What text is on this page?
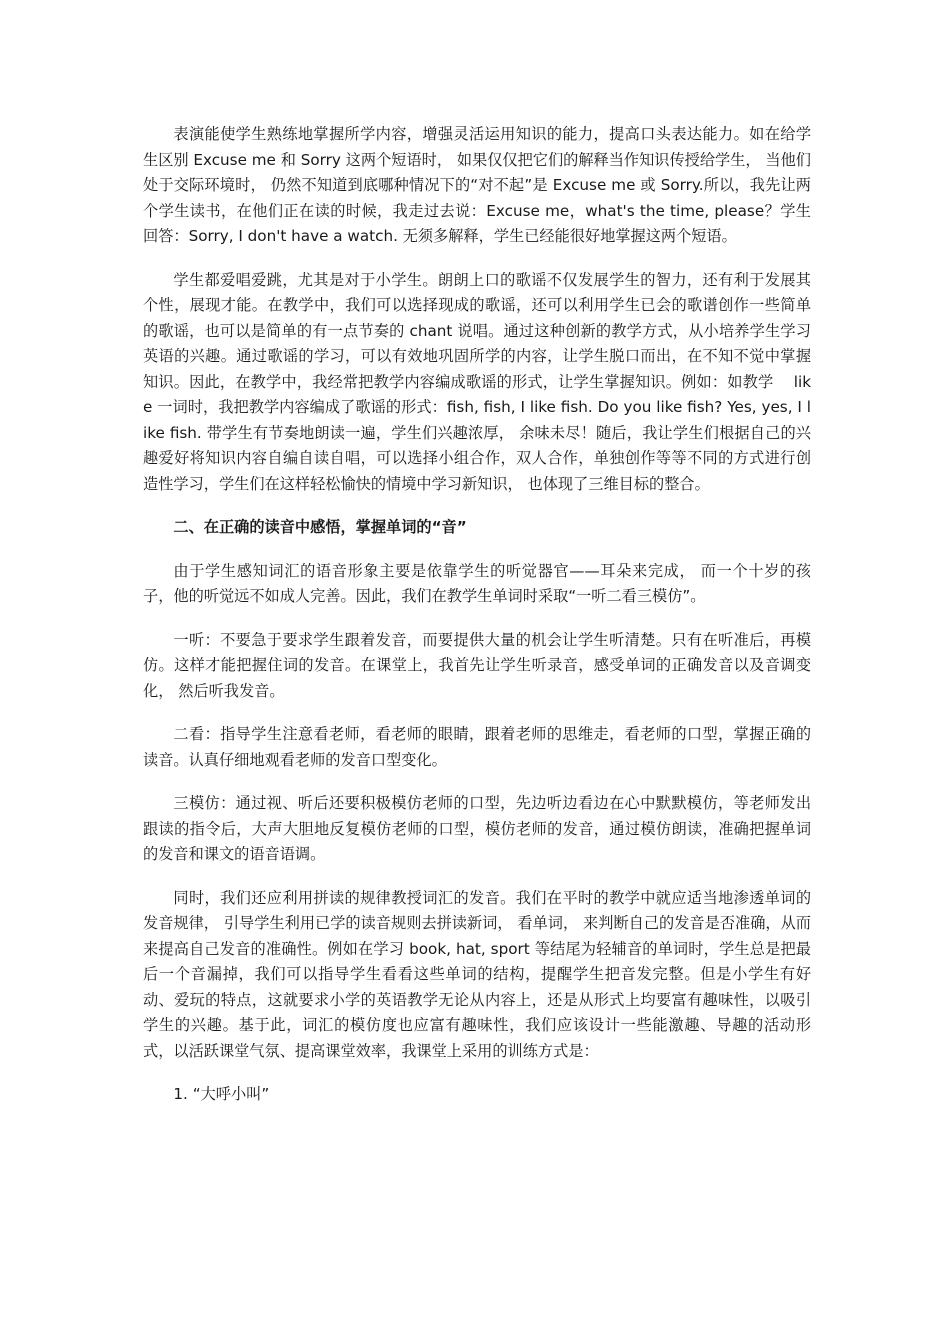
表演能使学生熟练地掌握所学内容，增强灵活运用知识的能力，提高口头表达能力。如在给学生区别 Excuse me 和 Sorry 这两个短语时， 如果仅仅把它们的解释当作知识传授给学生， 当他们处于交际环境时， 仍然不知道到底哪种情况下的“对不起”是 Excuse me 或 Sorry.所以，我先让两个学生读书，在他们正在读的时候，我走过去说：Excuse me，what's the time, please？学生回答：Sorry, I don't have a watch. 无须多解释，学生已经能很好地掌握这两个短语。

学生都爱唱爱跳，尤其是对于小学生。朗朗上口的歌谣不仅发展学生的智力，还有利于发展其个性，展现才能。在教学中，我们可以选择现成的歌谣，还可以利用学生已会的歌谱创作一些简单的歌谣，也可以是简单的有一点节奏的 chant 说唱。通过这种创新的教学方式，从小培养学生学习英语的兴趣。通过歌谣的学习，可以有效地巩固所学的内容，让学生脱口而出，在不知不觉中掌握知识。因此，在教学中，我经常把教学内容编成歌谣的形式，让学生掌握知识。例如：如教学　 like 一词时，我把教学内容编成了歌谣的形式：fish, fish, I like fish. Do you like fish? Yes, yes, I like fish. 带学生有节奏地朗读一遍，学生们兴趣浓厚， 余味未尽！随后，我让学生们根据自己的兴趣爱好将知识内容自编自读自唱，可以选择小组合作，双人合作，单独创作等等不同的方式进行创造性学习，学生们在这样轻松愉快的情境中学习新知识， 也体现了三维目标的整合。

二、在正确的读音中感悟，掌握单词的“音”

由于学生感知词汇的语音形象主要是依靠学生的听觉器官——耳朵来完成， 而一个十岁的孩子，他的听觉远不如成人完善。因此，我们在教学生单词时采取“一听二看三模仿”。

一听：不要急于要求学生跟着发音，而要提供大量的机会让学生听清楚。只有在听准后，再模仿。这样才能把握住词的发音。在课堂上，我首先让学生听录音，感受单词的正确发音以及音调变化， 然后听我发音。

二看：指导学生注意看老师，看老师的眼睛，跟着老师的思维走，看老师的口型，掌握正确的读音。认真仔细地观看老师的发音口型变化。

三模仿：通过视、听后还要积极模仿老师的口型，先边听边看边在心中默默模仿，等老师发出跟读的指令后，大声大胆地反复模仿老师的口型，模仿老师的发音，通过模仿朗读，准确把握单词的发音和课文的语音语调。

同时，我们还应利用拼读的规律教授词汇的发音。我们在平时的教学中就应适当地渗透单词的发音规律， 引导学生利用已学的读音规则去拼读新词， 看单词， 来判断自己的发音是否准确，从而来提高自己发音的准确性。例如在学习 book, hat, sport 等结尾为轻辅音的单词时，学生总是把最后一个音漏掉，我们可以指导学生看看这些单词的结构，提醒学生把音发完整。但是小学生有好动、爱玩的特点，这就要求小学的英语教学无论从内容上，还是从形式上均要富有趣味性，以吸引学生的兴趣。基于此，词汇的模仿度也应富有趣味性，我们应该设计一些能激趣、导趣的活动形式，以活跃课堂气氛、提高课堂效率，我课堂上采用的训练方式是：

1. “大呼小叫”
